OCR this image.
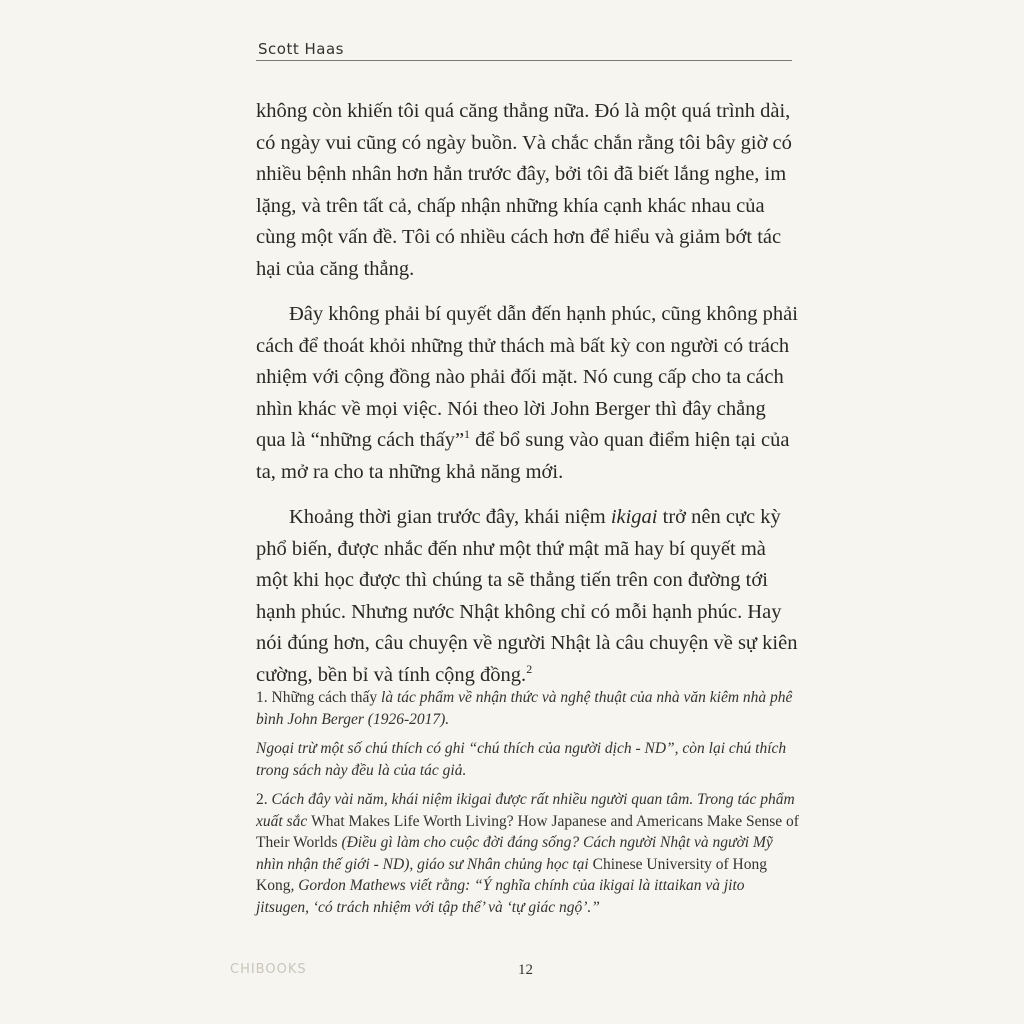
Scott Haas

không còn khiến tôi quá căng thẳng nữa. Đó là một quá trình dài, có ngày vui cũng có ngày buồn. Và chắc chắn rằng tôi bây giờ có nhiều bệnh nhân hơn hẳn trước đây, bởi tôi đã biết lắng nghe, im lặng, và trên tất cả, chấp nhận những khía cạnh khác nhau của cùng một vấn đề. Tôi có nhiều cách hơn để hiểu và giảm bớt tác hại của căng thẳng.

Đây không phải bí quyết dẫn đến hạnh phúc, cũng không phải cách để thoát khỏi những thử thách mà bất kỳ con người có trách nhiệm với cộng đồng nào phải đối mặt. Nó cung cấp cho ta cách nhìn khác về mọi việc. Nói theo lời John Berger thì đây chẳng qua là “những cách thấy”$^1$ để bổ sung vào quan điểm hiện tại của ta, mở ra cho ta những khả năng mới.

Khoảng thời gian trước đây, khái niệm ikigai trở nên cực kỳ phổ biến, được nhắc đến như một thứ mật mã hay bí quyết mà một khi học được thì chúng ta sẽ thẳng tiến trên con đường tới hạnh phúc. Nhưng nước Nhật không chỉ có mỗi hạnh phúc. Hay nói đúng hơn, câu chuyện về người Nhật là câu chuyện về sự kiên cường, bền bỉ và tính cộng đồng.$^2$

1. Những cách thấy là tác phẩm về nhận thức và nghệ thuật của nhà văn kiêm nhà phê bình John Berger (1926-2017).

Ngoại trừ một số chú thích có ghi “chú thích của người dịch - ND”, còn lại chú thích trong sách này đều là của tác giả.

2. Cách đây vài năm, khái niệm ikigai được rất nhiều người quan tâm. Trong tác phẩm xuất sắc What Makes Life Worth Living? How Japanese and Americans Make Sense of Their Worlds (Điều gì làm cho cuộc đời đáng sống? Cách người Nhật và người Mỹ nhìn nhận thế giới - ND), giáo sư Nhân chủng học tại Chinese University of Hong Kong, Gordon Mathews viết rằng: “Ý nghĩa chính của ikigai là ittaikan và jito jitsugen, ‘có trách nhiệm với tập thể’ và ‘tự giác ngộ’.”

CHIBOOKS	12
